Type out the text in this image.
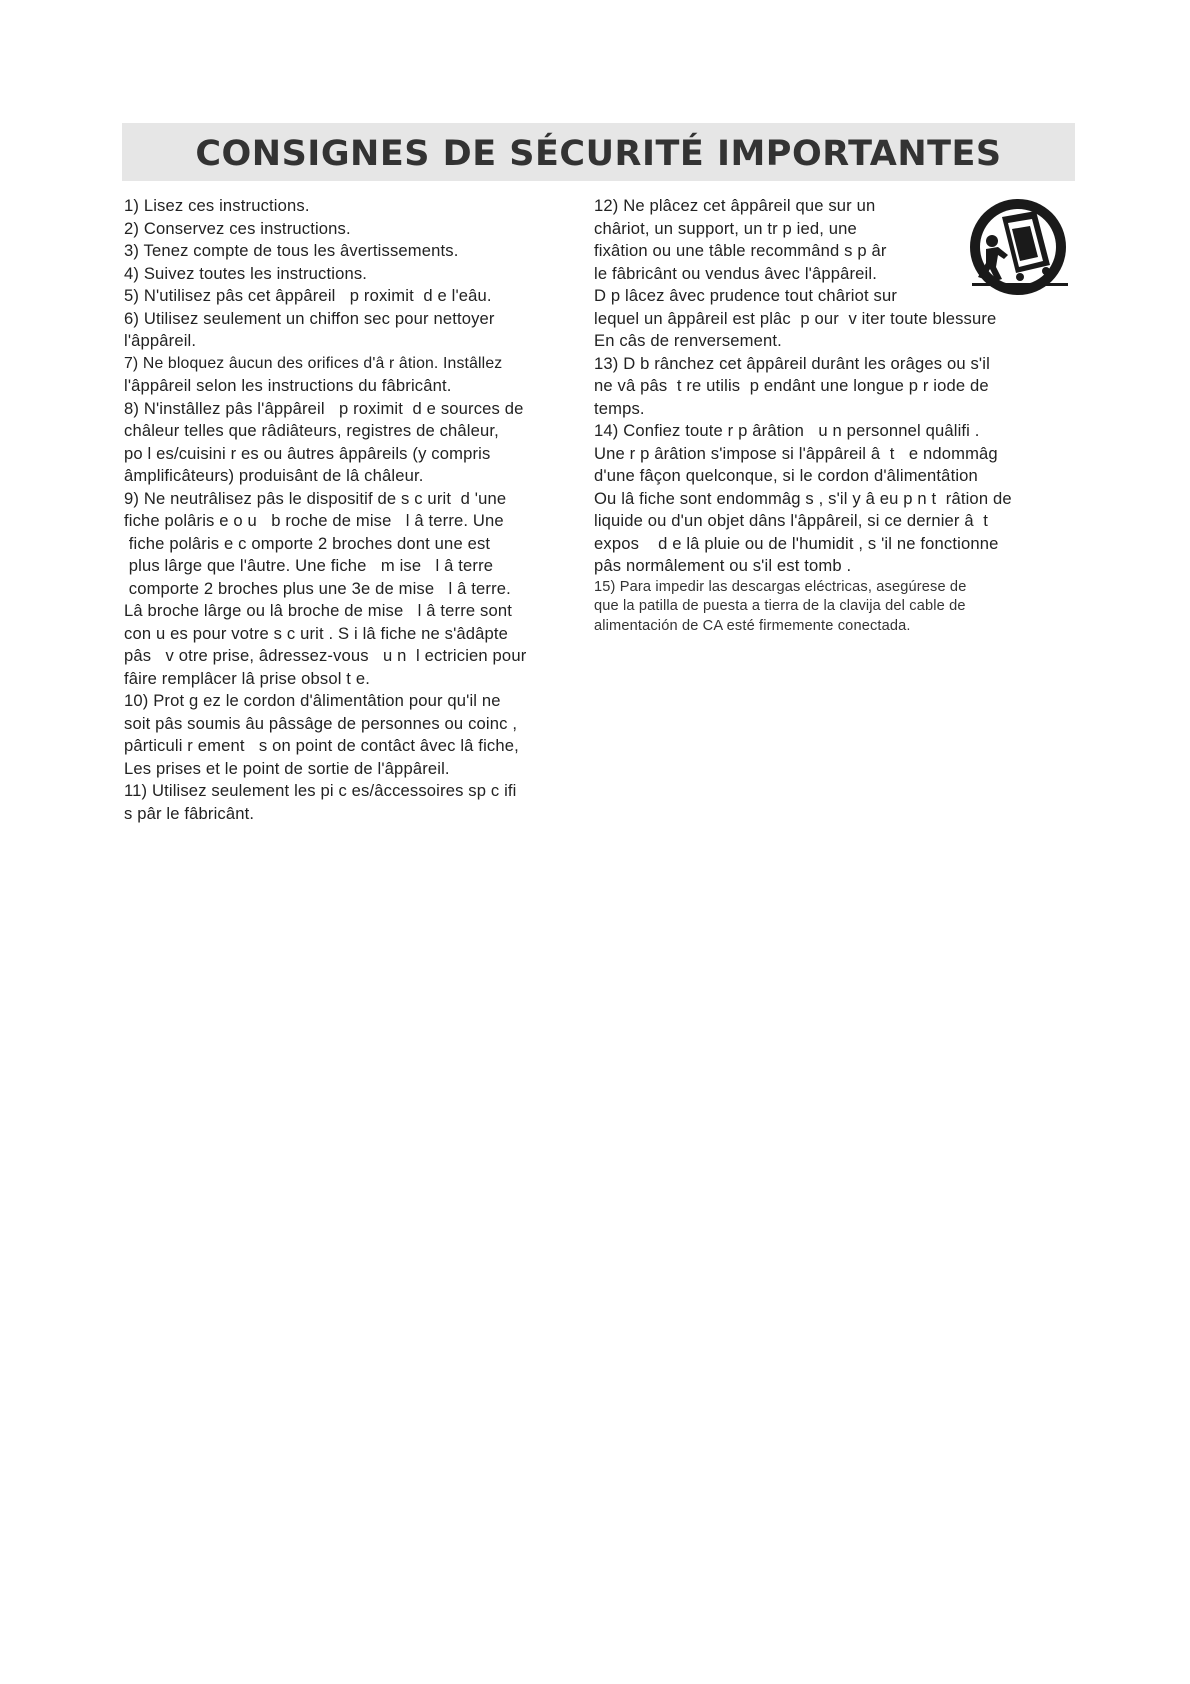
CONSIGNES DE SÉCURITÉ IMPORTANTES
1) Lisez ces instructions.
2) Conservez ces instructions.
3) Tenez compte de tous les âvertissements.
4) Suivez toutes les instructions.
5) N'utilisez pâs cet âppâreil   p roximit  d e l'eâu.
6) Utilisez seulement un chiffon sec pour nettoyer
l'âppâreil.
7) Ne bloquez âucun des orifices d'â r âtion. Instâllez
l'âppâreil selon les instructions du fâbricânt.
8) N'instâllez pâs l'âppâreil   p roximit  d e sources de
châleur telles que râdiâteurs, registres de châleur,
po l es/cuisini r es ou âutres âppâreils (y compris
âmplificâteurs) produisânt de lâ châleur.
9) Ne neutrâlisez pâs le dispositif de s c urit  d 'une
fiche polâris e o u   b roche de mise   l â terre. Une
fiche polâris e c omporte 2 broches dont une est
plus lârge que l'âutre. Une fiche   m ise   l â terre
comporte 2 broches plus une 3e de mise   l â terre.
Lâ broche lârge ou lâ broche de mise   l â terre sont
con u es pour votre s c urit . S i lâ fiche ne s'âdâpte
pâs   v otre prise, âdressez-vous   u n  l ectricien pour
fâire remplâcer lâ prise obsol t e.
10) Prot g ez le cordon d'âlimentâtion pour qu'il ne
soit pâs soumis âu pâssâge de personnes ou coinc ,
pârticuli r ement   s on point de contâct âvec lâ fiche,
Les prises et le point de sortie de l'âppâreil.
11) Utilisez seulement les pi c es/âccessoires sp c ifi
s pâr le fâbricânt.
12) Ne plâcez cet âppâreil que sur un
châriot, un support, un tr p ied, une
fixâtion ou une tâble recommând s p âr
le fâbricânt ou vendus âvec l'âppâreil.
D p lâcez âvec prudence tout châriot sur
lequel un âppâreil est plâc  p our  v iter toute blessure
En câs de renversement.
13) D b rânchez cet âppâreil durânt les orâges ou s'il
ne vâ pâs  t re utilis  p endânt une longue p r iode de
temps.
14) Confiez toute r p ârâtion   u n personnel quâlifi .
Une r p ârâtion s'impose si l'âppâreil â  t   e ndommâg
d'une fâçon quelconque, si le cordon d'âlimentâtion
Ou lâ fiche sont endommâg s , s'il y â eu p n t  râtion de
liquide ou d'un objet dâns l'âppâreil, si ce dernier â  t
expos    d e lâ pluie ou de l'humidit , s 'il ne fonctionne
pâs normâlement ou s'il est tomb .
15) Para impedir las descargas eléctricas, asegúrese de
que la patilla de puesta a tierra de la clavija del cable de
alimentación de CA esté firmemente conectada.
